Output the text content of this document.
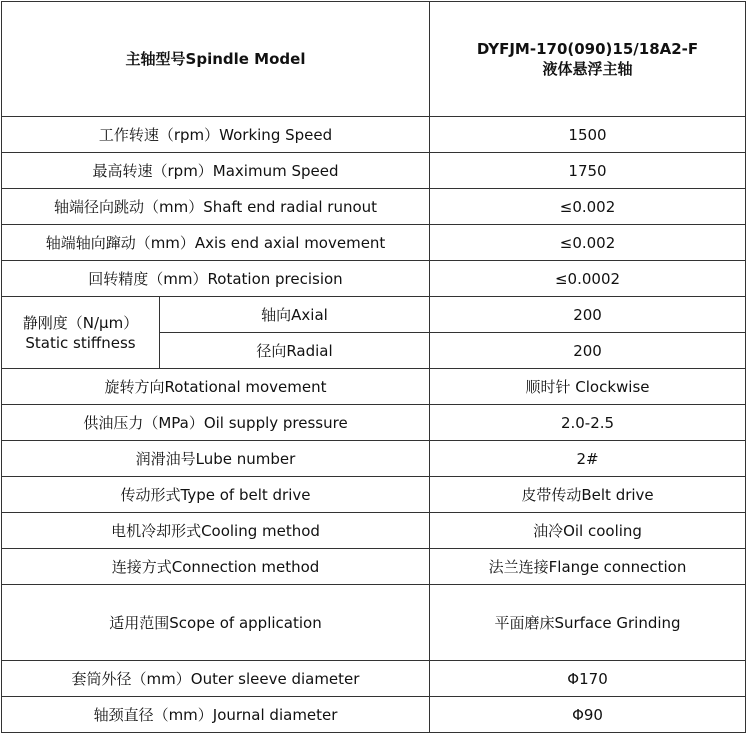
主轴型号Spindle Model		DYFJM-170(090)15/18A2-F
液体悬浮主轴

工作转速（rpm）Working Speed		1500
最高转速（rpm）Maximum Speed		1750
轴端径向跳动（mm）Shaft end radial runout		≤0.002
轴端轴向蹿动（mm）Axis end axial movement		≤0.002
回转精度（mm）Rotation precision		≤0.0002

静刚度（N/μm）
Static stiffness	轴向Axial	200
	径向Radial	200
旋转方向Rotational movement		顺时针 Clockwise
供油压力（MPa）Oil supply pressure		2.0-2.5
润滑油号Lube number		2#
传动形式Type of belt drive		皮带传动Belt drive
电机冷却形式Cooling method		油冷Oil cooling
连接方式Connection method		法兰连接Flange connection
适用范围Scope of application		平面磨床Surface Grinding
套筒外径（mm）Outer sleeve diameter		Φ170
轴颈直径（mm）Journal diameter		Φ90
